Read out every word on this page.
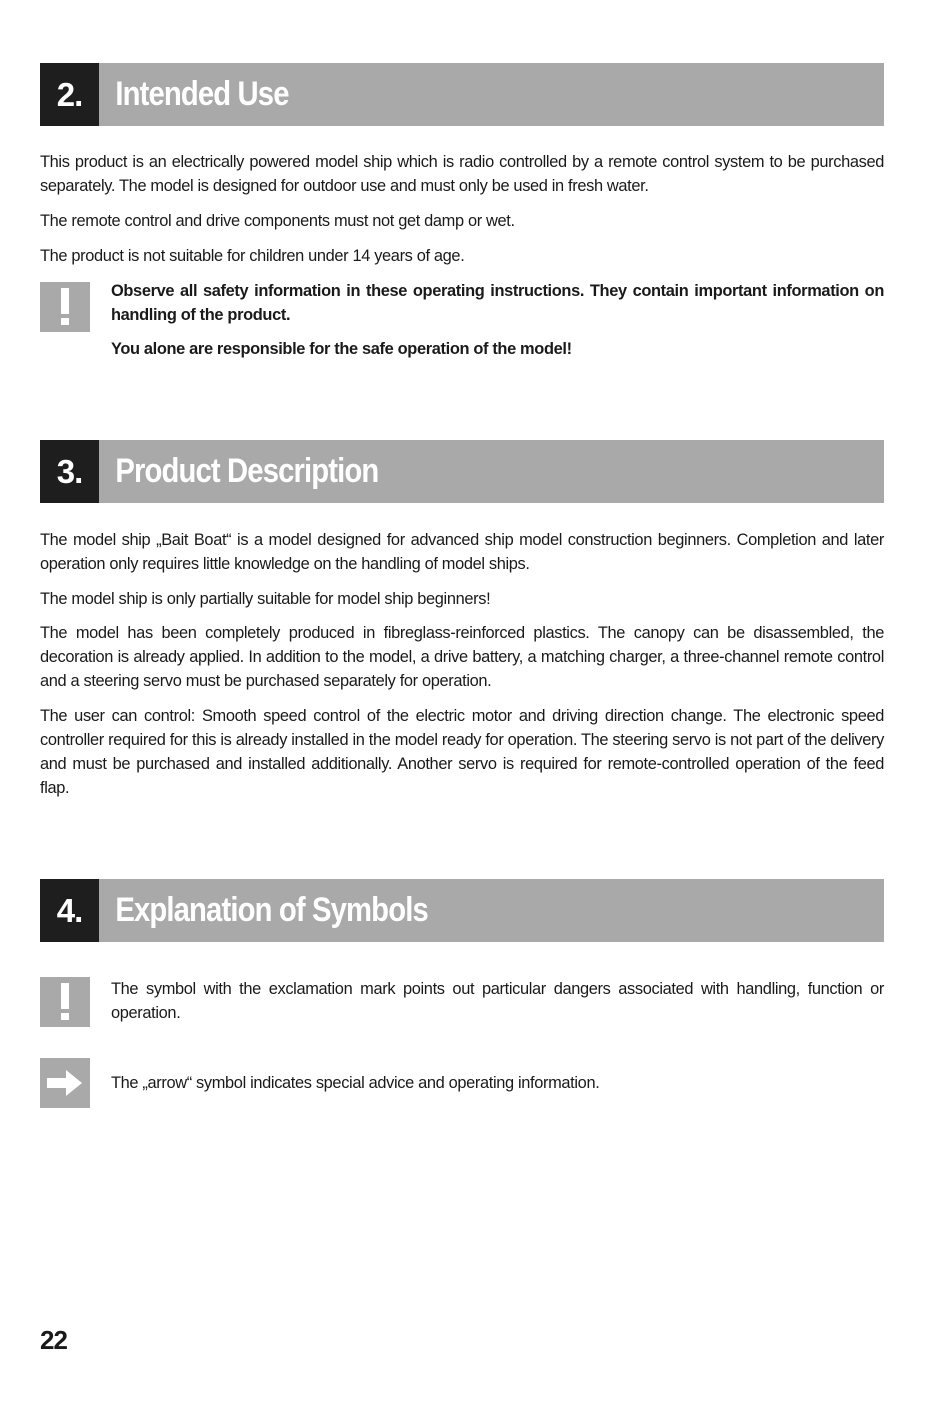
2. Intended Use

This product is an electrically powered model ship which is radio controlled by a remote control system to be purchased separately. The model is designed for outdoor use and must only be used in fresh water.

The remote control and drive components must not get damp or wet.

The product is not suitable for children under 14 years of age.

Observe all safety information in these operating instructions. They contain important information on handling of the product.

You alone are responsible for the safe operation of the model!

3. Product Description

The model ship „Bait Boat“ is a model designed for advanced ship model construction beginners. Completion and later operation only requires little knowledge on the handling of model ships.

The model ship is only partially suitable for model ship beginners!

The model has been completely produced in fibreglass-reinforced plastics. The canopy can be disassembled, the decoration is already applied. In addition to the model, a drive battery, a matching charger, a three-channel remote control and a steering servo must be purchased separately for operation.

The user can control: Smooth speed control of the electric motor and driving direction change. The electronic speed controller required for this is already installed in the model ready for operation. The steering servo is not part of the delivery and must be purchased and installed additionally. Another servo is required for remote-controlled operation of the feed flap.

4. Explanation of Symbols

The symbol with the exclamation mark points out particular dangers associated with handling, function or operation.

The „arrow“ symbol indicates special advice and operating information.

22
